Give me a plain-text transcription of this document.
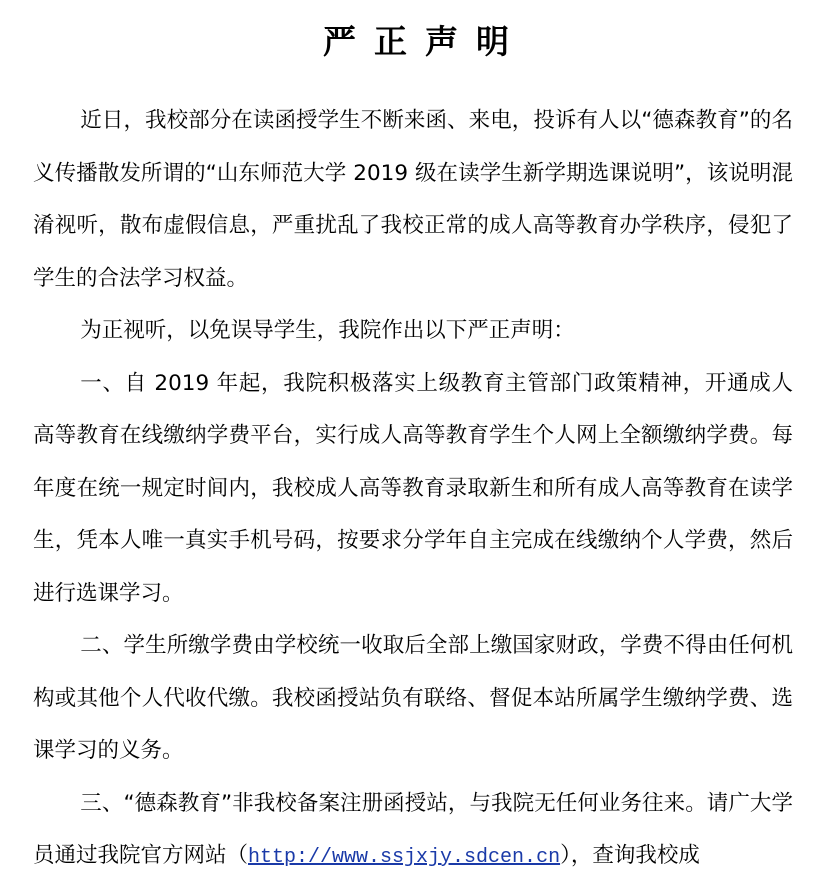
严正声明

近日，我校部分在读函授学生不断来函、来电，投诉有人以“德森教育”的名义传播散发所谓的“山东师范大学 2019 级在读学生新学期选课说明”，该说明混淆视听，散布虚假信息，严重扰乱了我校正常的成人高等教育办学秩序，侵犯了学生的合法学习权益。

为正视听，以免误导学生，我院作出以下严正声明：

一、自 2019 年起，我院积极落实上级教育主管部门政策精神，开通成人高等教育在线缴纳学费平台，实行成人高等教育学生个人网上全额缴纳学费。每年度在统一规定时间内，我校成人高等教育录取新生和所有成人高等教育在读学生，凭本人唯一真实手机号码，按要求分学年自主完成在线缴纳个人学费，然后进行选课学习。

二、学生所缴学费由学校统一收取后全部上缴国家财政，学费不得由任何机构或其他个人代收代缴。我校函授站负有联络、督促本站所属学生缴纳学费、选课学习的义务。

三、“德森教育”非我校备案注册函授站，与我院无任何业务往来。请广大学员通过我院官方网站（http://www.ssjxjy.sdcen.cn），查询我校成
